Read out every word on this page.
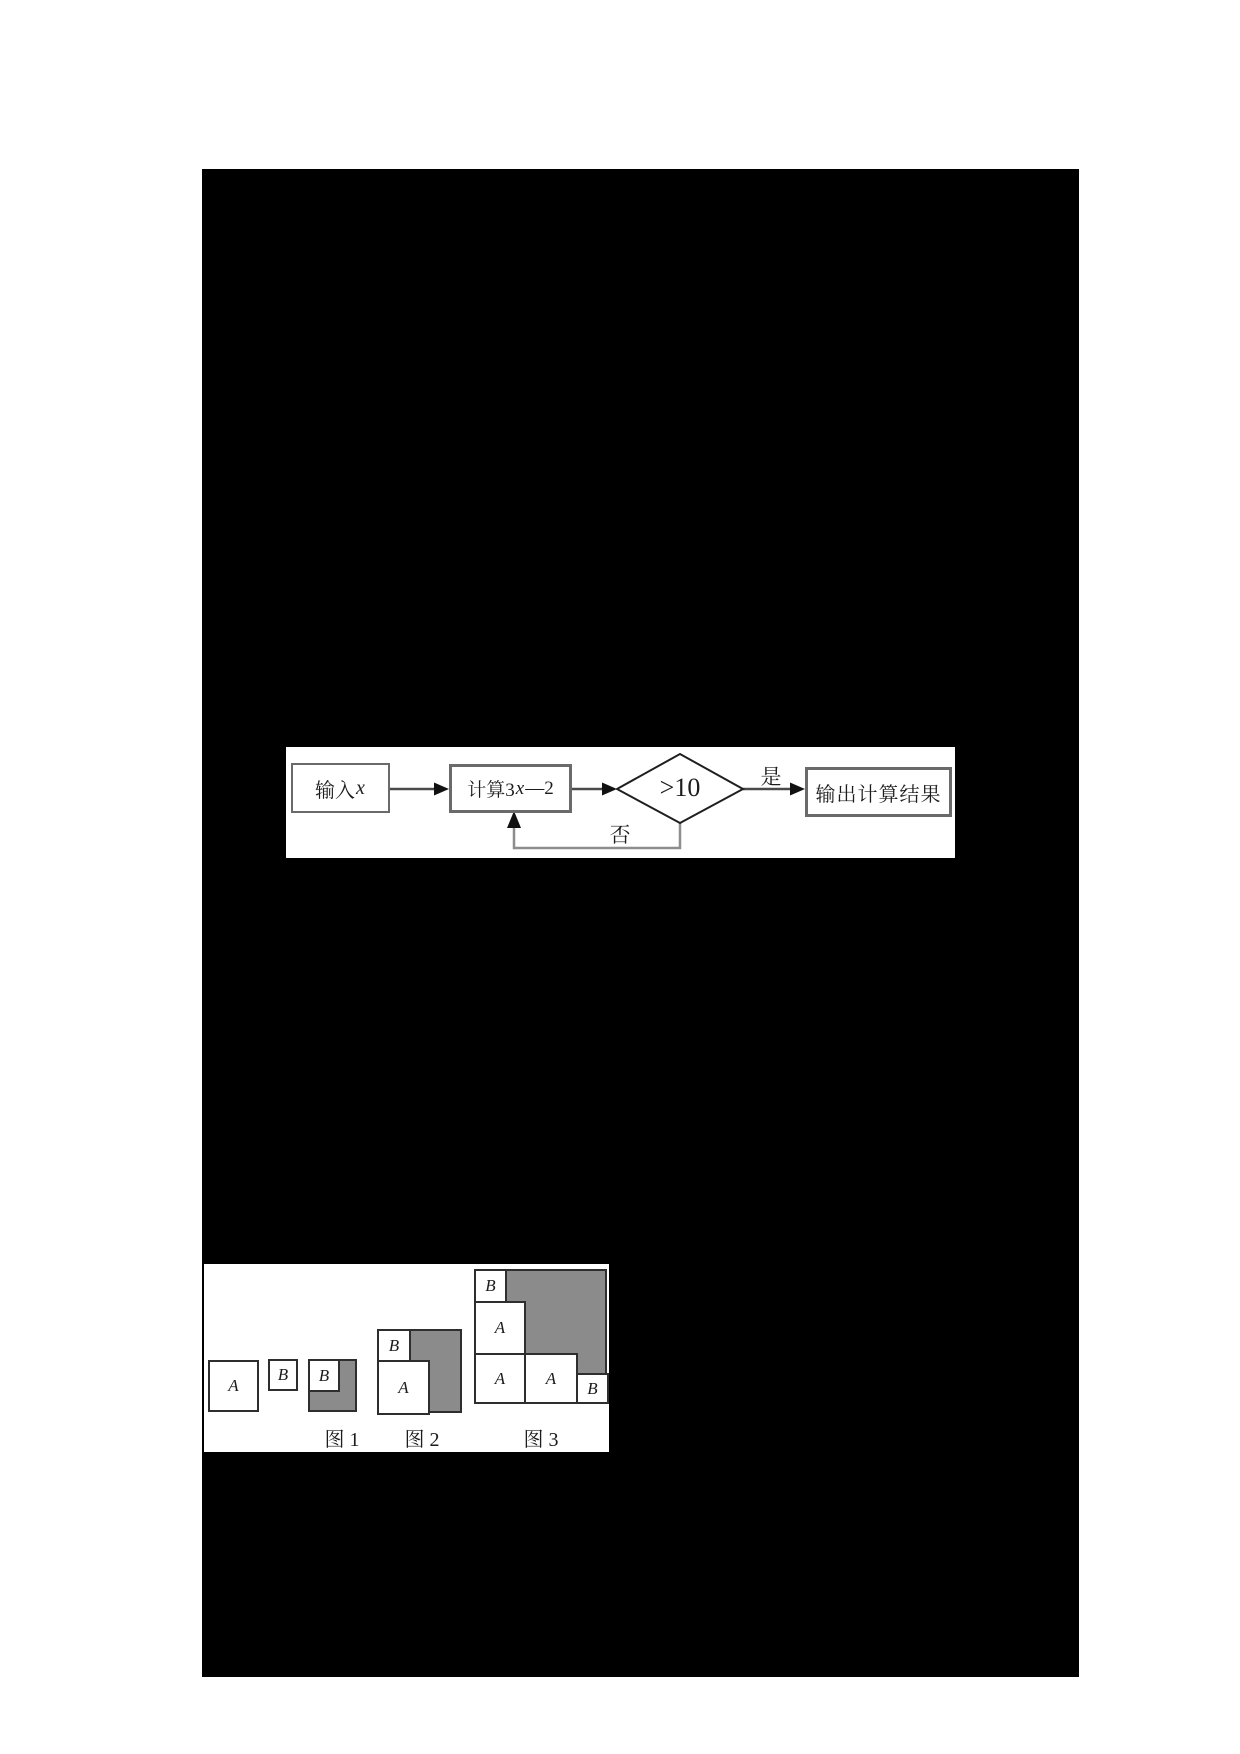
输入 x	计算3 x —2	>10	是
否
输出计算结果
A
B B
B
A
B
A
A A
B
图 1	图 2	图 3
